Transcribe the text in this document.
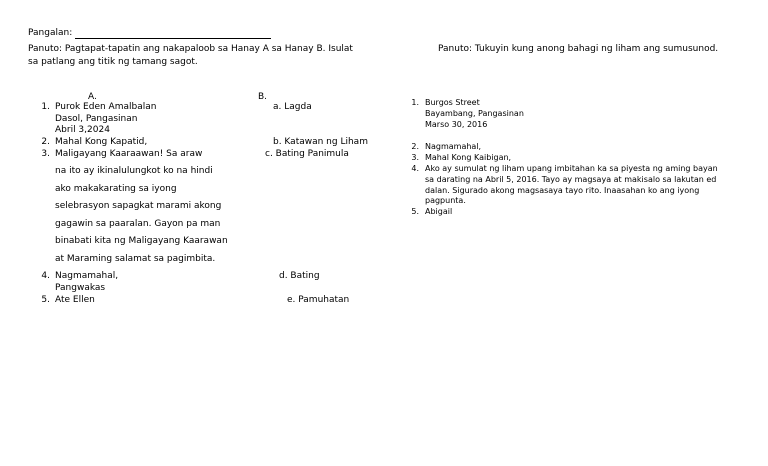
Pangalan:
Panuto: Pagtapat-tapatin ang nakapaloob sa Hanay A sa Hanay B. Isulat
sa patlang ang titik ng tamang sagot.
A.	B.
1. Purok Eden Amalbalan
Dasol, Pangasinan
Abril 3,2024
2. Mahal Kong Kapatid,
3. Maligayang Kaaraawan! Sa araw
na ito ay ikinalulungkot ko na hindi
ako makakarating sa iyong
selebrasyon sapagkat marami akong
gagawin sa paaralan. Gayon pa man
binabati kita ng Maligayang Kaarawan
at Maraming salamat sa pagimbita.
4. Nagmamahal,
Pangwakas
5. Ate Ellen
a. Lagda
b. Katawan ng Liham
c. Bating Panimula
d. Bating
e. Pamuhatan
Panuto: Tukuyin kung anong bahagi ng liham ang sumusunod.
1. Burgos Street
Bayambang, Pangasinan
Marso 30, 2016
2. Nagmamahal,
3. Mahal Kong Kaibigan,
4. Ako ay sumulat ng liham upang imbitahan ka sa piyesta ng aming bayan
sa darating na Abril 5, 2016. Tayo ay magsaya at makisalo sa lakutan ed
dalan. Sigurado akong magsasaya tayo rito. Inaasahan ko ang iyong
pagpunta.
5. Abigail
